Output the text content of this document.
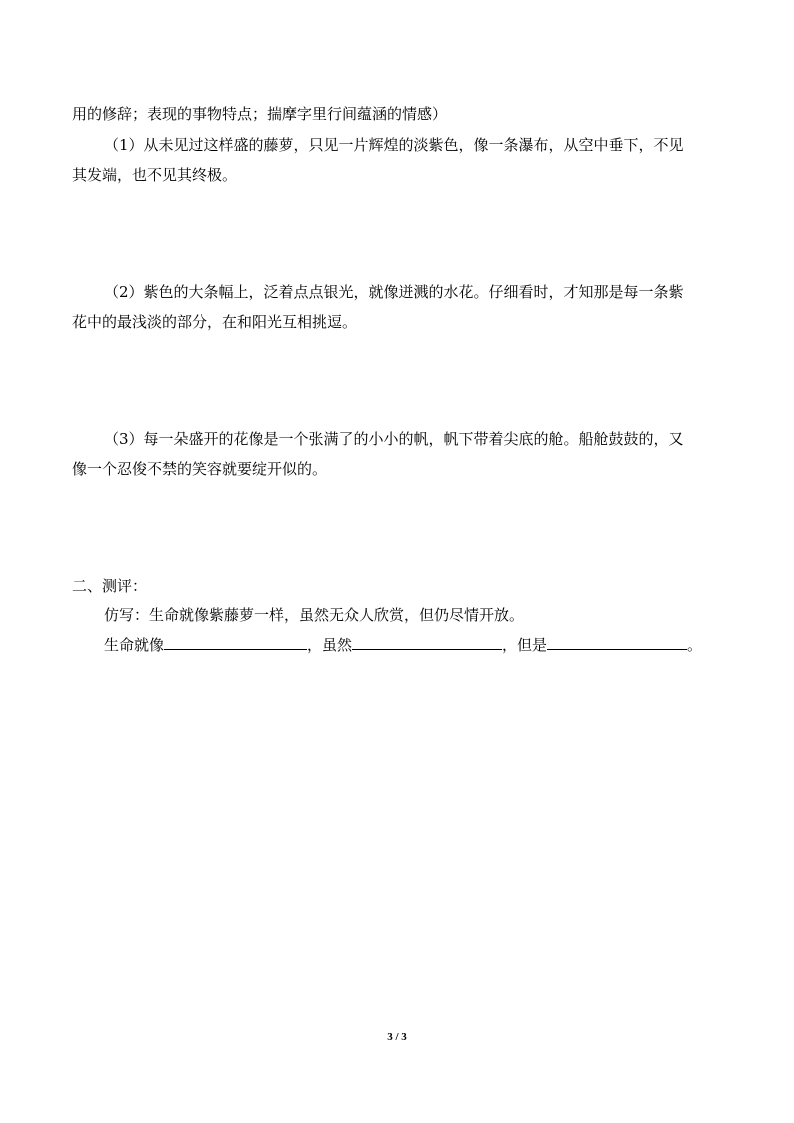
用的修辞；表现的事物特点；揣摩字里行间蕴涵的情感）
（1）从未见过这样盛的藤萝，只见一片辉煌的淡紫色，像一条瀑布，从空中垂下，不见
其发端，也不见其终极。
（2）紫色的大条幅上，泛着点点银光，就像迸溅的水花。仔细看时，才知那是每一条紫
花中的最浅淡的部分，在和阳光互相挑逗。
（3）每一朵盛开的花像是一个张满了的小小的帆，帆下带着尖底的舱。船舱鼓鼓的，又
像一个忍俊不禁的笑容就要绽开似的。
二、测评：
仿写：生命就像紫藤萝一样，虽然无众人欣赏，但仍尽情开放。
生命就像	，虽然	，但是	。
3 / 3
